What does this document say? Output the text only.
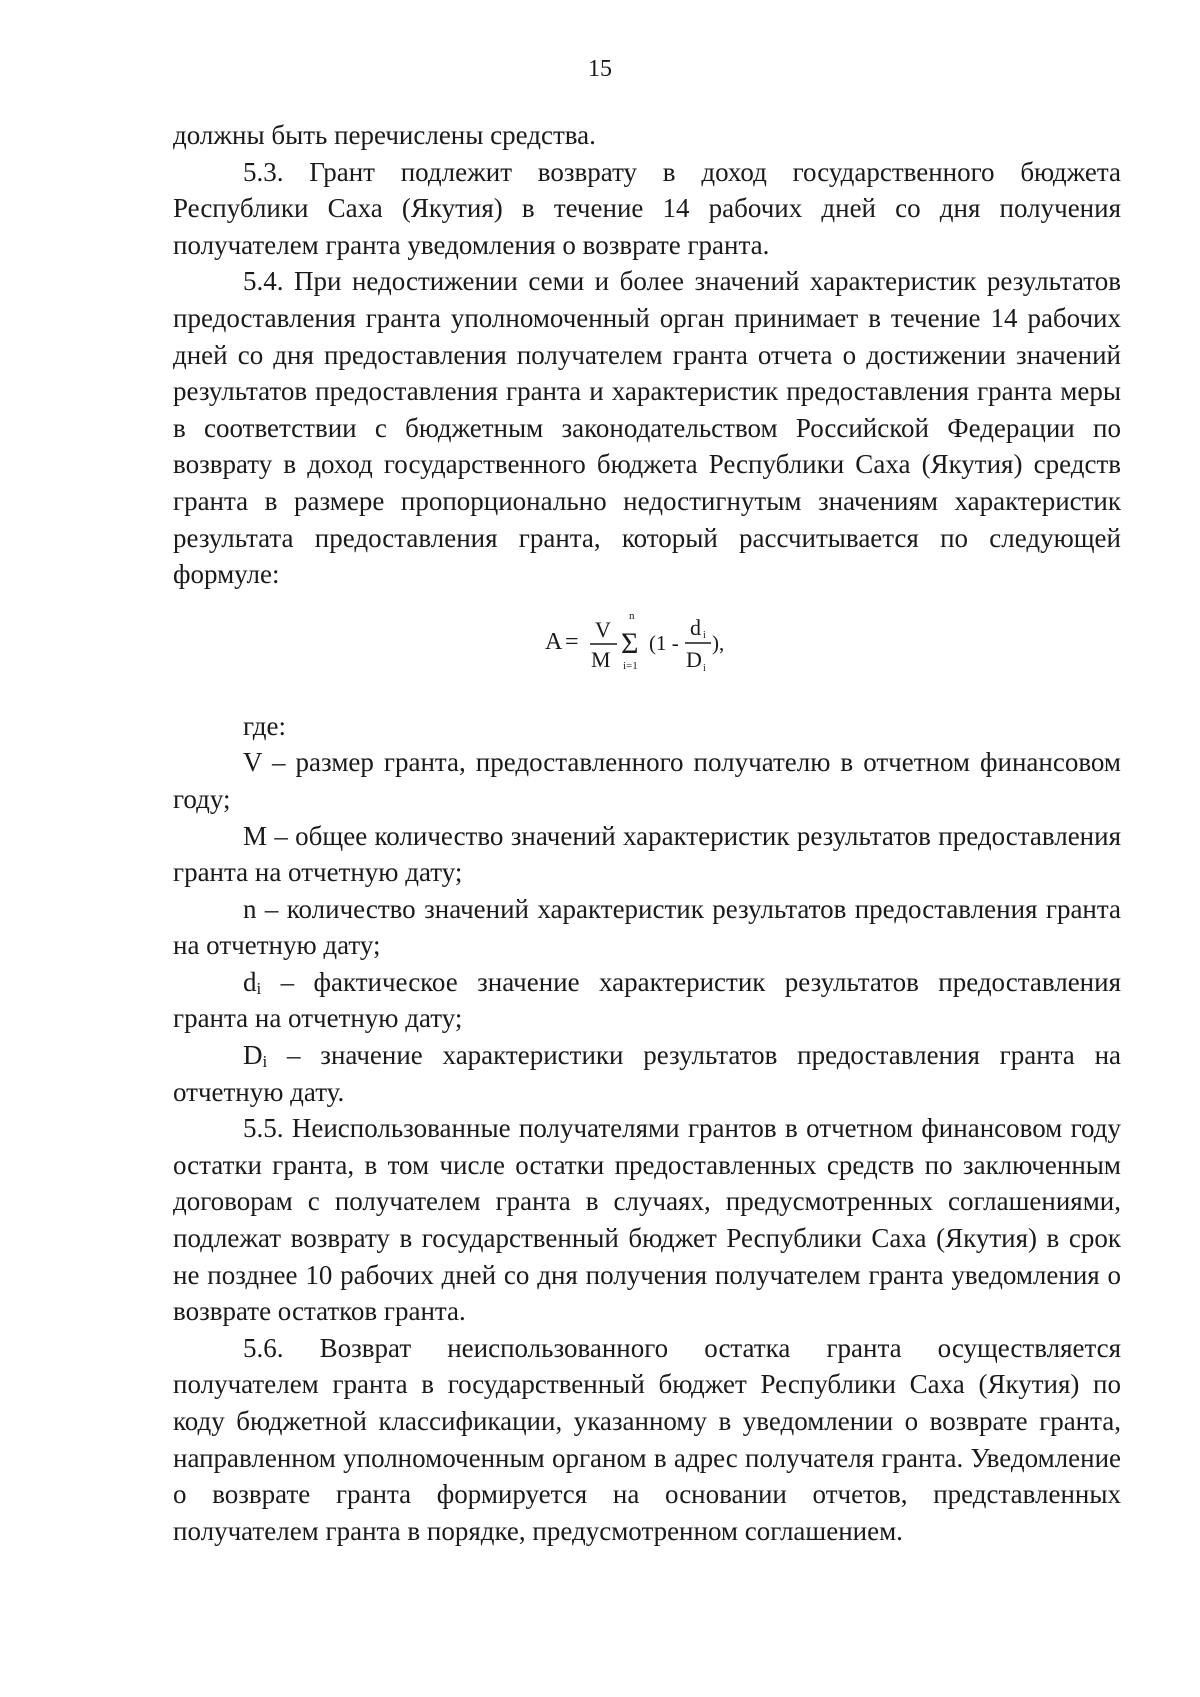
15

должны быть перечислены средства.

5.3. Грант подлежит возврату в доход государственного бюджета Республики Саха (Якутия) в течение 14 рабочих дней со дня получения получателем гранта уведомления о возврате гранта.

5.4. При недостижении семи и более значений характеристик результатов предоставления гранта уполномоченный орган принимает в течение 14 рабочих дней со дня предоставления получателем гранта отчета о достижении значений результатов предоставления гранта и характеристик предоставления гранта меры в соответствии с бюджетным законодательством Российской Федерации по возврату в доход государственного бюджета Республики Саха (Якутия) средств гранта в размере пропорционально недостигнутым значениям характеристик результата предоставления гранта, который рассчитывается по следующей формуле:

A = V
M
n
Σ
i=1
(1 -
d i
D i
),

где:

V – размер гранта, предоставленного получателю в отчетном финансовом году;

M – общее количество значений характеристик результатов предоставления гранта на отчетную дату;

n – количество значений характеристик результатов предоставления гранта на отчетную дату;

$d_i$ – фактическое значение характеристик результатов предоставления гранта на отчетную дату;

$D_i$ – значение характеристики результатов предоставления гранта на отчетную дату.

5.5. Неиспользованные получателями грантов в отчетном финансовом году остатки гранта, в том числе остатки предоставленных средств по заключенным договорам с получателем гранта в случаях, предусмотренных соглашениями, подлежат возврату в государственный бюджет Республики Саха (Якутия) в срок не позднее 10 рабочих дней со дня получения получателем гранта уведомления о возврате остатков гранта.

5.6. Возврат неиспользованного остатка гранта осуществляется получателем гранта в государственный бюджет Республики Саха (Якутия) по коду бюджетной классификации, указанному в уведомлении о возврате гранта, направленном уполномоченным органом в адрес получателя гранта. Уведомление о возврате гранта формируется на основании отчетов, представленных получателем гранта в порядке, предусмотренном соглашением.
